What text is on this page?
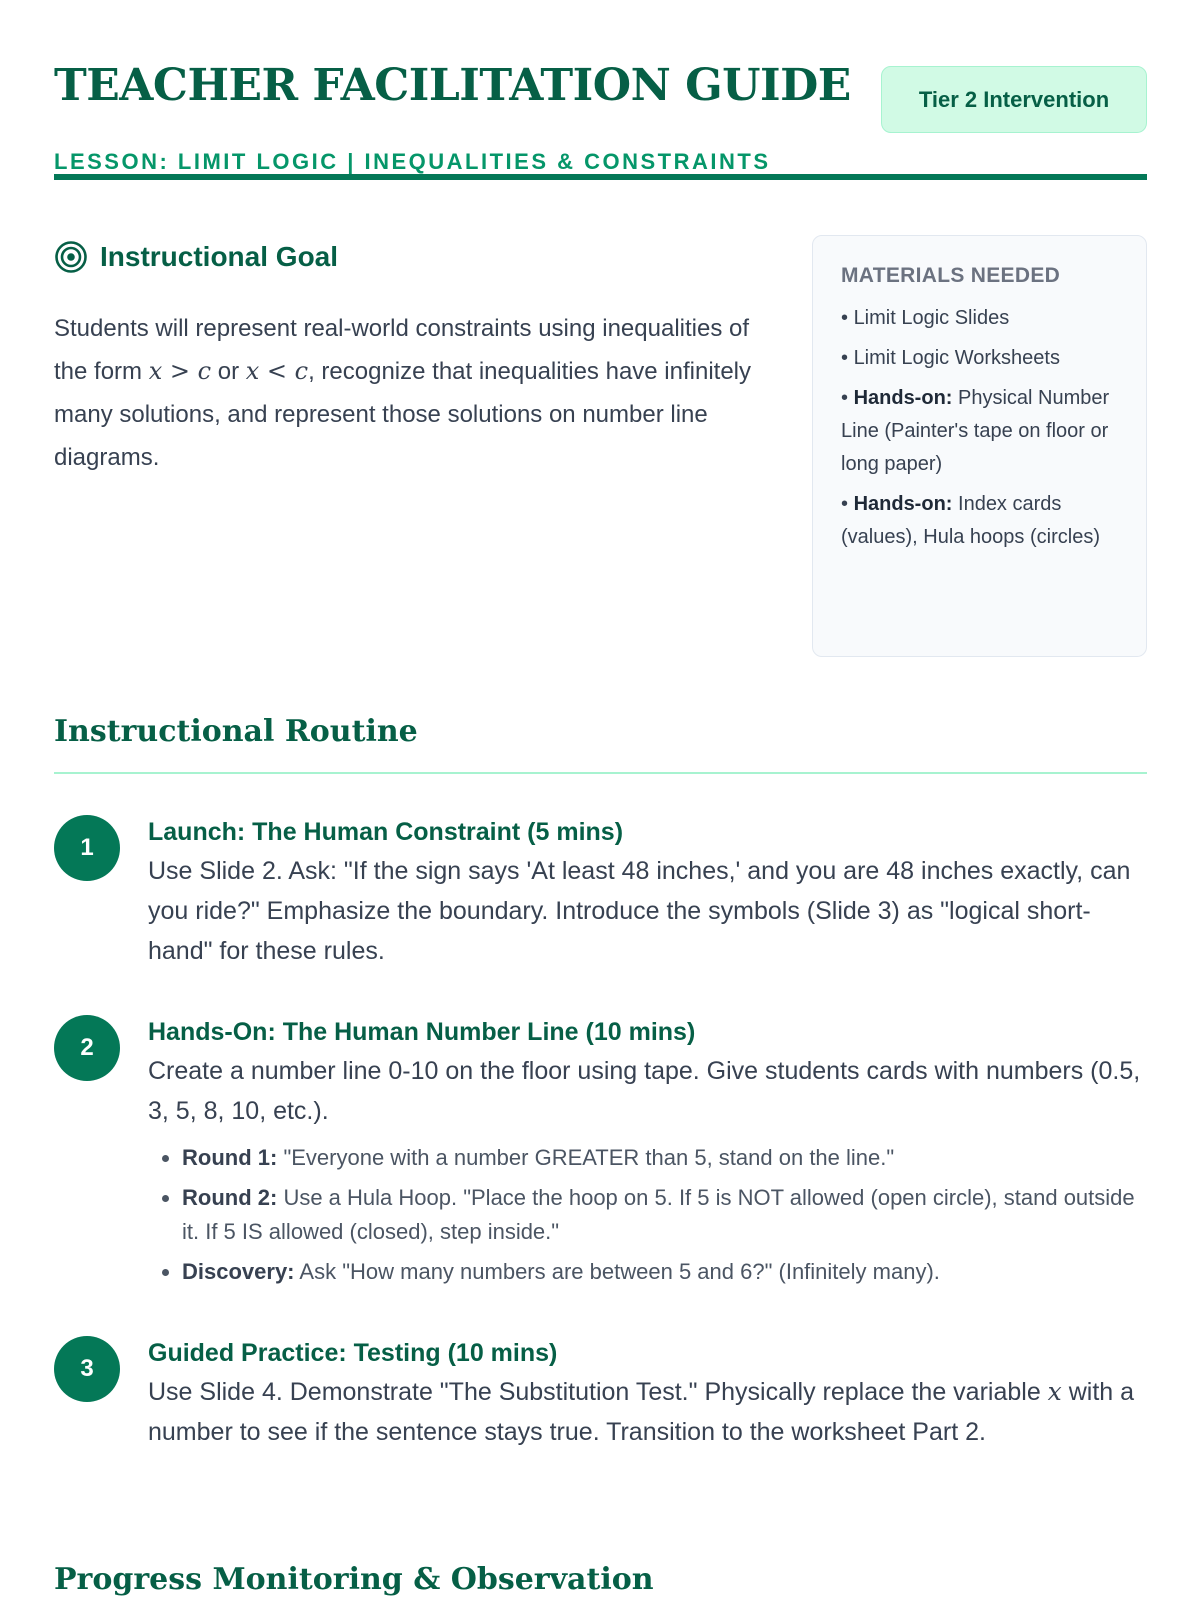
TEACHER FACILITATION GUIDE
LESSON: LIMIT LOGIC | INEQUALITIES & CONSTRAINTS
Tier 2 Intervention
Instructional Goal

Students will represent real-world constraints using inequalities of the form x > c or x < c, recognize that inequalities have infinitely many solutions, and represent those solutions on number line diagrams.

MATERIALS NEEDED
• Limit Logic Slides
• Limit Logic Worksheets
• Hands-on: Physical Number Line (Painter's tape on floor or long paper)
• Hands-on: Index cards (values), Hula hoops (circles)
Instructional Routine
1
Launch: The Human Constraint (5 mins)

Use Slide 2. Ask: "If the sign says 'At least 48 inches,' and you are 48 inches exactly, can you ride?" Emphasize the boundary. Introduce the symbols (Slide 3) as "logical short-hand" for these rules.

2
Hands-On: The Human Number Line (10 mins)

Create a number line 0-10 on the floor using tape. Give students cards with numbers (0.5, 3, 5, 8, 10, etc.).

• Round 1: "Everyone with a number GREATER than 5, stand on the line."
• Round 2: Use a Hula Hoop. "Place the hoop on 5. If 5 is NOT allowed (open circle), stand outside it. If 5 IS allowed (closed), step inside."
• Discovery: Ask "How many numbers are between 5 and 6?" (Infinitely many).
3
Guided Practice: Testing (10 mins)

Use Slide 4. Demonstrate "The Substitution Test." Physically replace the variable x with a number to see if the sentence stays true. Transition to the worksheet Part 2.

Progress Monitoring & Observation
